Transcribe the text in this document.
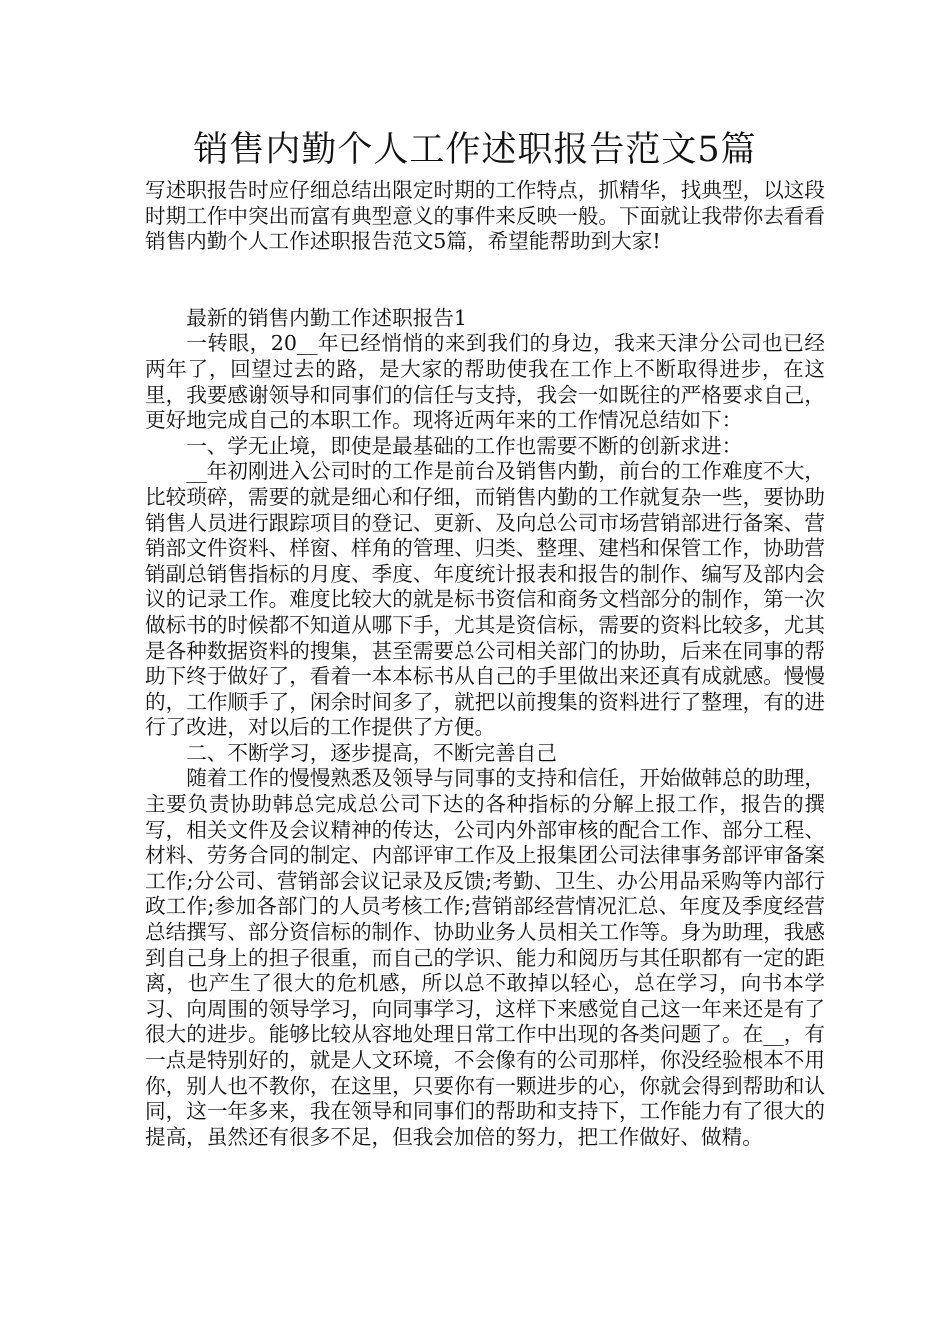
销售内勤个人工作述职报告范文5篇

写述职报告时应仔细总结出限定时期的工作特点，抓精华，找典型，以这段时期工作中突出而富有典型意义的事件来反映一般。下面就让我带你去看看销售内勤个人工作述职报告范文5篇，希望能帮助到大家!

最新的销售内勤工作述职报告1

一转眼，20__年已经悄悄的来到我们的身边，我来天津分公司也已经两年了，回望过去的路，是大家的帮助使我在工作上不断取得进步，在这里，我要感谢领导和同事们的信任与支持，我会一如既往的严格要求自己，更好地完成自己的本职工作。现将近两年来的工作情况总结如下：

一、学无止境，即使是最基础的工作也需要不断的创新求进：

__年初刚进入公司时的工作是前台及销售内勤，前台的工作难度不大，比较琐碎，需要的就是细心和仔细，而销售内勤的工作就复杂一些，要协助销售人员进行跟踪项目的登记、更新、及向总公司市场营销部进行备案、营销部文件资料、样窗、样角的管理、归类、整理、建档和保管工作，协助营销副总销售指标的月度、季度、年度统计报表和报告的制作、编写及部内会议的记录工作。难度比较大的就是标书资信和商务文档部分的制作，第一次做标书的时候都不知道从哪下手，尤其是资信标，需要的资料比较多，尤其是各种数据资料的搜集，甚至需要总公司相关部门的协助，后来在同事的帮助下终于做好了，看着一本本标书从自己的手里做出来还真有成就感。慢慢的，工作顺手了，闲余时间多了，就把以前搜集的资料进行了整理，有的进行了改进，对以后的工作提供了方便。

二、不断学习，逐步提高，不断完善自己

随着工作的慢慢熟悉及领导与同事的支持和信任，开始做韩总的助理，主要负责协助韩总完成总公司下达的各种指标的分解上报工作，报告的撰写，相关文件及会议精神的传达，公司内外部审核的配合工作、部分工程、材料、劳务合同的制定、内部评审工作及上报集团公司法律事务部评审备案工作;分公司、营销部会议记录及反馈;考勤、卫生、办公用品采购等内部行政工作;参加各部门的人员考核工作;营销部经营情况汇总、年度及季度经营总结撰写、部分资信标的制作、协助业务人员相关工作等。身为助理，我感到自己身上的担子很重，而自己的学识、能力和阅历与其任职都有一定的距离，也产生了很大的危机感，所以总不敢掉以轻心，总在学习，向书本学习、向周围的领导学习，向同事学习，这样下来感觉自己这一年来还是有了很大的进步。能够比较从容地处理日常工作中出现的各类问题了。在__，有一点是特别好的，就是人文环境，不会像有的公司那样，你没经验根本不用你，别人也不教你，在这里，只要你有一颗进步的心，你就会得到帮助和认同，这一年多来，我在领导和同事们的帮助和支持下，工作能力有了很大的提高，虽然还有很多不足，但我会加倍的努力，把工作做好、做精。
